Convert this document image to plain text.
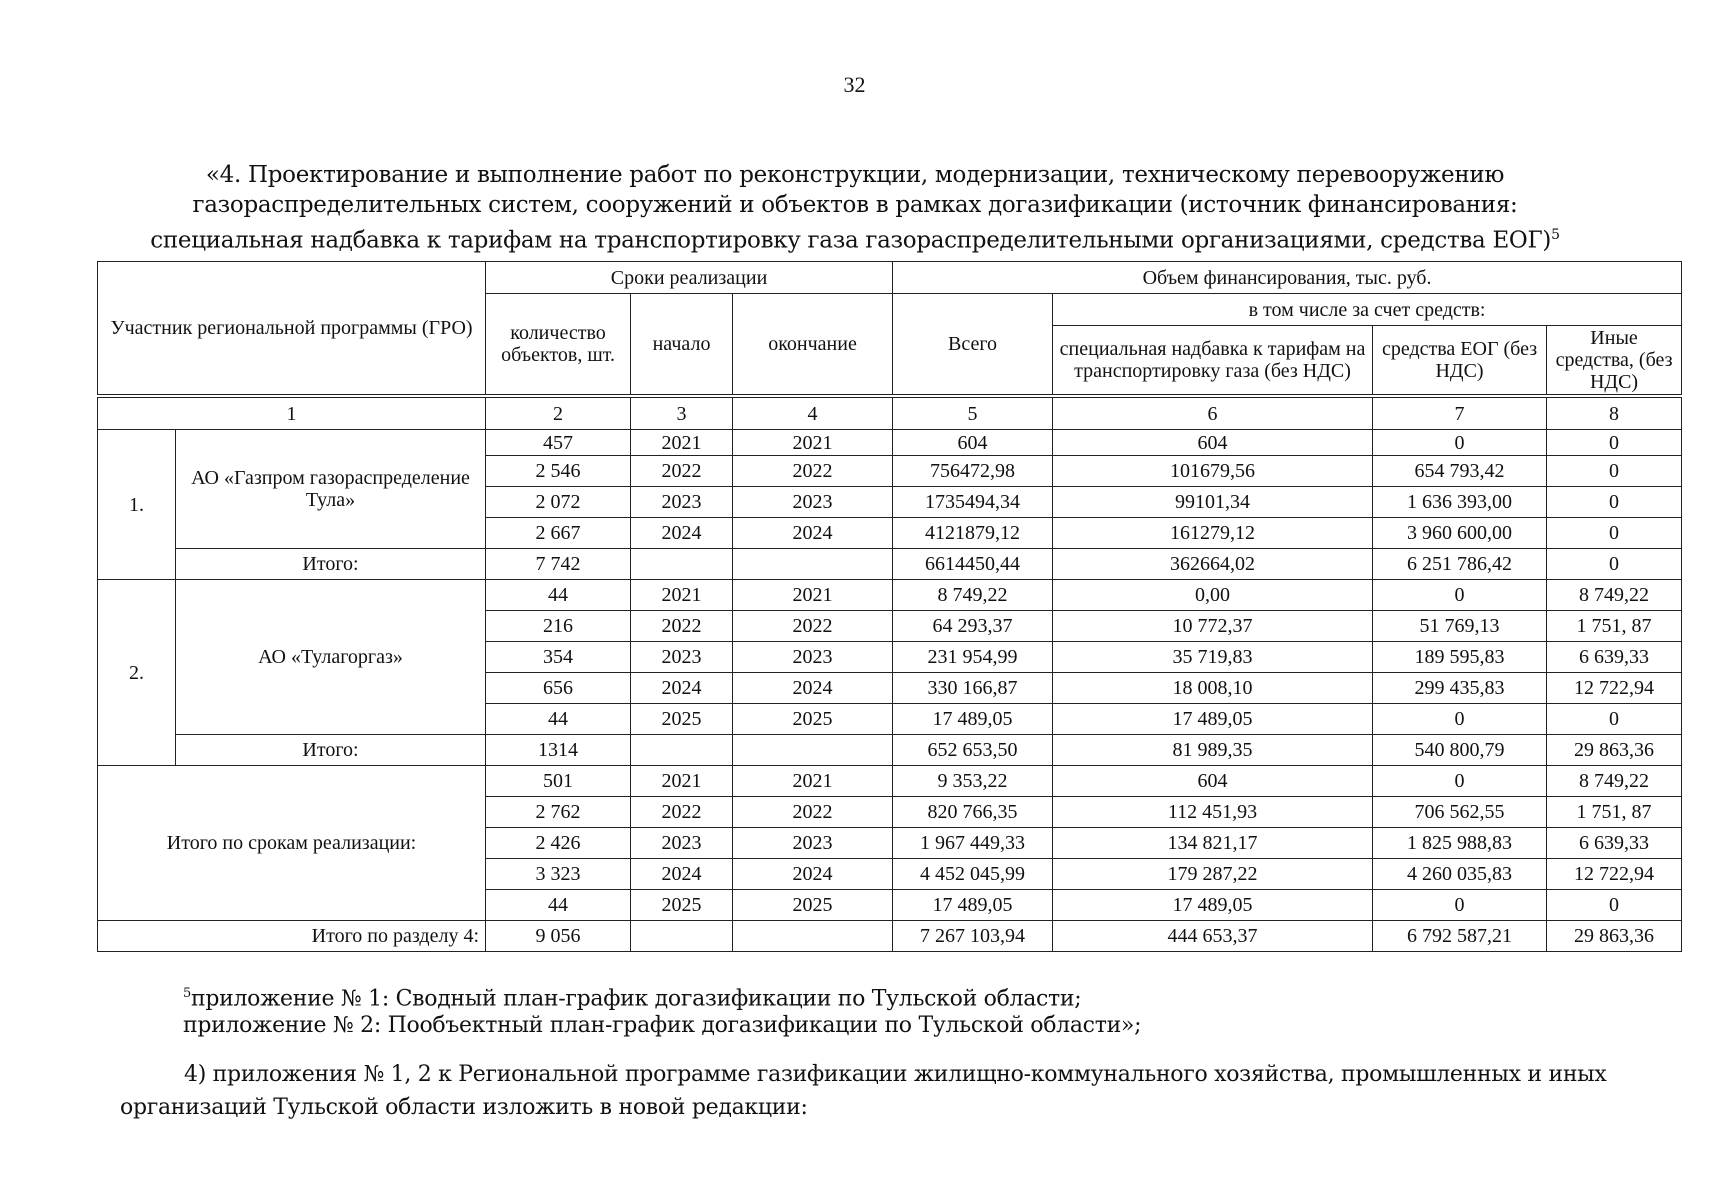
32
«4. Проектирование и выполнение работ по реконструкции, модернизации, техническому перевооружению
газораспределительных систем, сооружений и объектов в рамках догазификации (источник финансирования:
специальная надбавка к тарифам на транспортировку газа газораспределительными организациями, средства ЕОГ)$^5$
Участник региональной программы (ГРО)		Сроки реализации			Объем финансирования, тыс. руб.			
		количество объектов, шт.	начало	окончание	Всего	в том числе за счет средств:		
						специальная надбавка к тарифам на транспортировку газа (без НДС)	средства ЕОГ (без НДС)	Иные средства, (без НДС)
1		2	3	4	5	6	7	8
1.	АО «Газпром газораспределение Тула»	457	2021	2021	604	604	0	0
		2 546	2022	2022	756472,98	101679,56	654 793,42	0
		2 072	2023	2023	1735494,34	99101,34	1 636 393,00	0
		2 667	2024	2024	4121879,12	161279,12	3 960 600,00	0
	Итого:	7 742			6614450,44	362664,02	6 251 786,42	0
2.	АО «Тулагоргаз»	44	2021	2021	8 749,22	0,00	0	8 749,22
		216	2022	2022	64 293,37	10 772,37	51 769,13	1 751, 87
		354	2023	2023	231 954,99	35 719,83	189 595,83	6 639,33
		656	2024	2024	330 166,87	18 008,10	299 435,83	12 722,94
		44	2025	2025	17 489,05	17 489,05	0	0
	Итого:	1314			652 653,50	81 989,35	540 800,79	29 863,36
Итого по срокам реализации:		501	2021	2021	9 353,22	604	0	8 749,22
		2 762	2022	2022	820 766,35	112 451,93	706 562,55	1 751, 87
		2 426	2023	2023	1 967 449,33	134 821,17	1 825 988,83	6 639,33
		3 323	2024	2024	4 452 045,99	179 287,22	4 260 035,83	12 722,94
		44	2025	2025	17 489,05	17 489,05	0	0
Итого по разделу 4:		9 056			7 267 103,94	444 653,37	6 792 587,21	29 863,36
$^5$приложение № 1: Сводный план-график догазификации по Тульской области;
приложение № 2: Пообъектный план-график догазификации по Тульской области»;
4) приложения № 1, 2 к Региональной программе газификации жилищно-коммунального хозяйства, промышленных и иных организаций Тульской области изложить в новой редакции:
